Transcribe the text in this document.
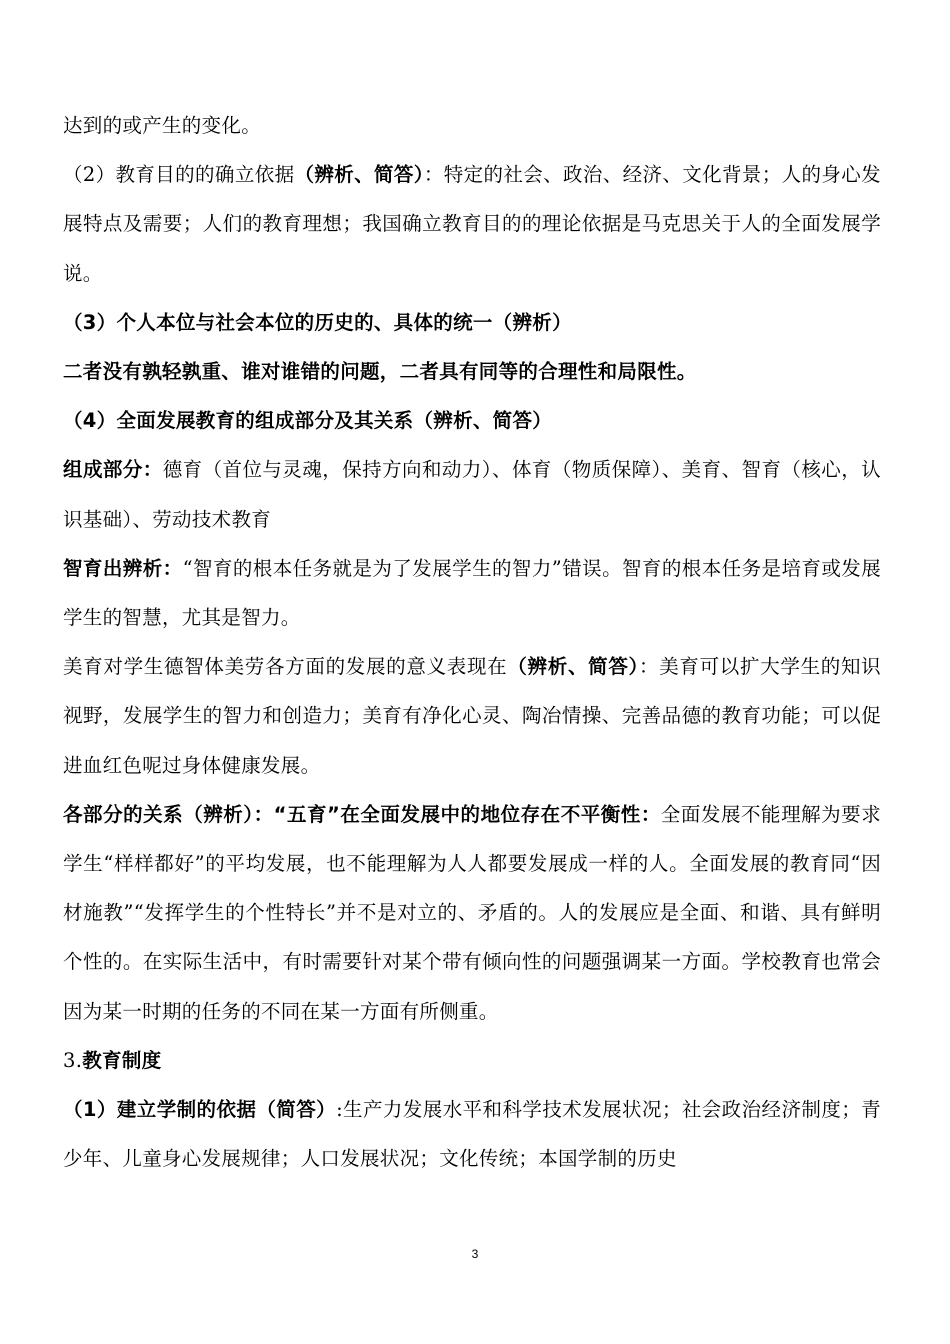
达到的或产生的变化。

（2）教育目的的确立依据（辨析、简答）：特定的社会、政治、经济、文化背景；人的身心发展特点及需要；人们的教育理想；我国确立教育目的的理论依据是马克思关于人的全面发展学说。

（3）个人本位与社会本位的历史的、具体的统一（辨析）

二者没有孰轻孰重、谁对谁错的问题，二者具有同等的合理性和局限性。

（4）全面发展教育的组成部分及其关系（辨析、简答）

组成部分：德育（首位与灵魂，保持方向和动力）、体育（物质保障）、美育、智育（核心，认识基础）、劳动技术教育

智育出辨析：“智育的根本任务就是为了发展学生的智力”错误。智育的根本任务是培育或发展学生的智慧，尤其是智力。

美育对学生德智体美劳各方面的发展的意义表现在（辨析、简答）：美育可以扩大学生的知识视野，发展学生的智力和创造力；美育有净化心灵、陶冶情操、完善品德的教育功能；可以促进血红色呢过身体健康发展。

各部分的关系（辨析）：“五育”在全面发展中的地位存在不平衡性：全面发展不能理解为要求学生“样样都好”的平均发展，也不能理解为人人都要发展成一样的人。全面发展的教育同“因材施教”“发挥学生的个性特长”并不是对立的、矛盾的。人的发展应是全面、和谐、具有鲜明个性的。在实际生活中，有时需要针对某个带有倾向性的问题强调某一方面。学校教育也常会因为某一时期的任务的不同在某一方面有所侧重。

3.教育制度

（1）建立学制的依据（简答）:生产力发展水平和科学技术发展状况；社会政治经济制度；青少年、儿童身心发展规律；人口发展状况；文化传统；本国学制的历史

3
